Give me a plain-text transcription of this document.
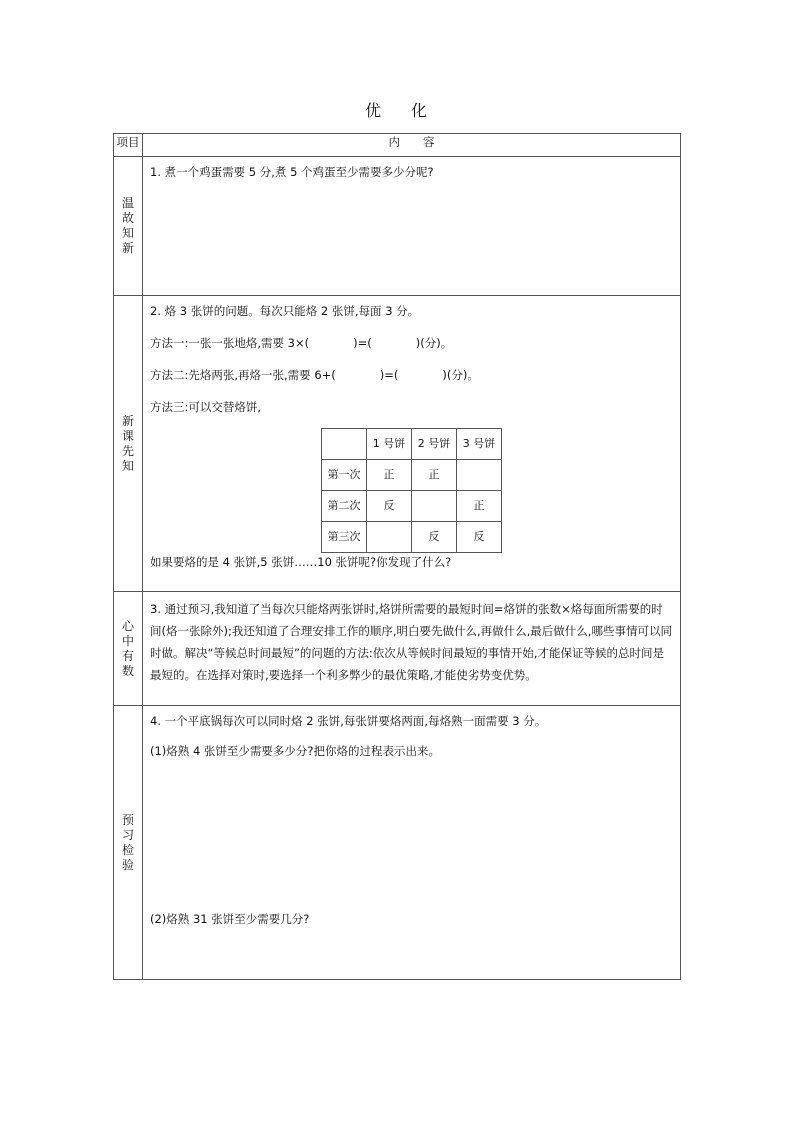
优 化
项目	内　　容

温
故
知
新

1. 煮一个鸡蛋需要 5 分,煮 5 个鸡蛋至少需要多少分呢?

新
课
先
知

2. 烙 3 张饼的问题。每次只能烙 2 张饼,每面 3 分。

方法一:一张一张地烙,需要 3×(	)=(	)(分)。

方法二:先烙两张,再烙一张,需要 6+(	)=(	)(分)。

方法三:可以交替烙饼,

	1 号饼	2 号饼	3 号饼
第一次	正	正	
第二次	反		正
第三次		反	反

如果要烙的是 4 张饼,5 张饼……10 张饼呢?你发现了什么?

心
中
有
数

3. 通过预习,我知道了当每次只能烙两张饼时,烙饼所需要的最短时间=烙饼的张数×烙每面所需要的时间(烙一张除外);我还知道了合理安排工作的顺序,明白要先做什么,再做什么,最后做什么,哪些事情可以同时做。解决“等候总时间最短”的问题的方法:依次从等候时间最短的事情开始,才能保证等候的总时间是最短的。在选择对策时,要选择一个利多弊少的最优策略,才能使劣势变优势。

预
习
检
验

4. 一个平底锅每次可以同时烙 2 张饼,每张饼要烙两面,每烙熟一面需要 3 分。

(1)烙熟 4 张饼至少需要多少分?把你烙的过程表示出来。

(2)烙熟 31 张饼至少需要几分?
